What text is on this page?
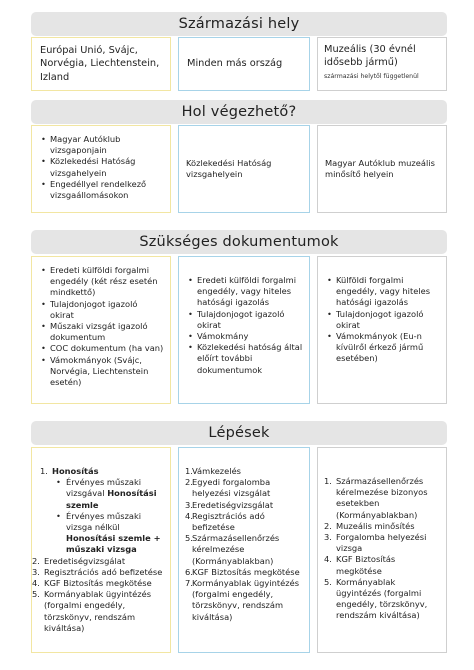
Származási hely
Európai Unió, Svájc, Norvégia, Liechtenstein, Izland
Minden más ország
Muzeális (30 évnél idősebb jármű)
származási helytől függetlenül
Hol végezhető?
• Magyar Autóklub vizsgaponjain
• Közlekedési Hatóság vizsgahelyein
• Engedéllyel rendelkező vizsgaállomásokon
Közlekedési Hatóság vizsgahelyein
Magyar Autóklub muzeális minősítő helyein
Szükséges dokumentumok
• Eredeti külföldi forgalmi engedély (két rész esetén mindkettő)
• Tulajdonjogot igazoló okirat
• Műszaki vizsgát igazoló dokumentum
• COC dokumentum (ha van)
• Vámokmányok (Svájc, Norvégia, Liechtenstein esetén)
• Eredeti külföldi forgalmi engedély, vagy hiteles hatósági igazolás
• Tulajdonjogot igazoló okirat
• Vámokmány
• Közlekedési hatóság által előírt további dokumentumok
• Külföldi forgalmi engedély, vagy hiteles hatósági igazolás
• Tulajdonjogot igazoló okirat
• Vámokmányok (Eu-n kívülről érkező jármű esetében)
Lépések
1. Honosítás
• Érvényes műszaki vizsgával Honosítási szemle
• Érvényes műszaki vizsga nélkül Honosítási szemle + műszaki vizsga
2. Eredetiségvizsgálat
3. Regisztrációs adó befizetése
4. KGF Biztosítás megkötése
5. Kormányablak ügyintézés (forgalmi engedély, törzskönyv, rendszám kiváltása)
1. Vámkezelés
2. Egyedi forgalomba helyezési vizsgálat
3. Eredetiségvizsgálat
4. Regisztrációs adó befizetése
5. Származásellenőrzés kérelmezése (Kormányablakban)
6. KGF Biztosítás megkötése
7. Kormányablak ügyintézés (forgalmi engedély, törzskönyv, rendszám kiváltása)
1. Származásellenőrzés kérelmezése bizonyos esetekben (Kormányablakban)
2. Muzeális minősítés
3. Forgalomba helyezési vizsga
4. KGF Biztosítás megkötése
5. Kormányablak ügyintézés (forgalmi engedély, törzskönyv, rendszám kiváltása)
